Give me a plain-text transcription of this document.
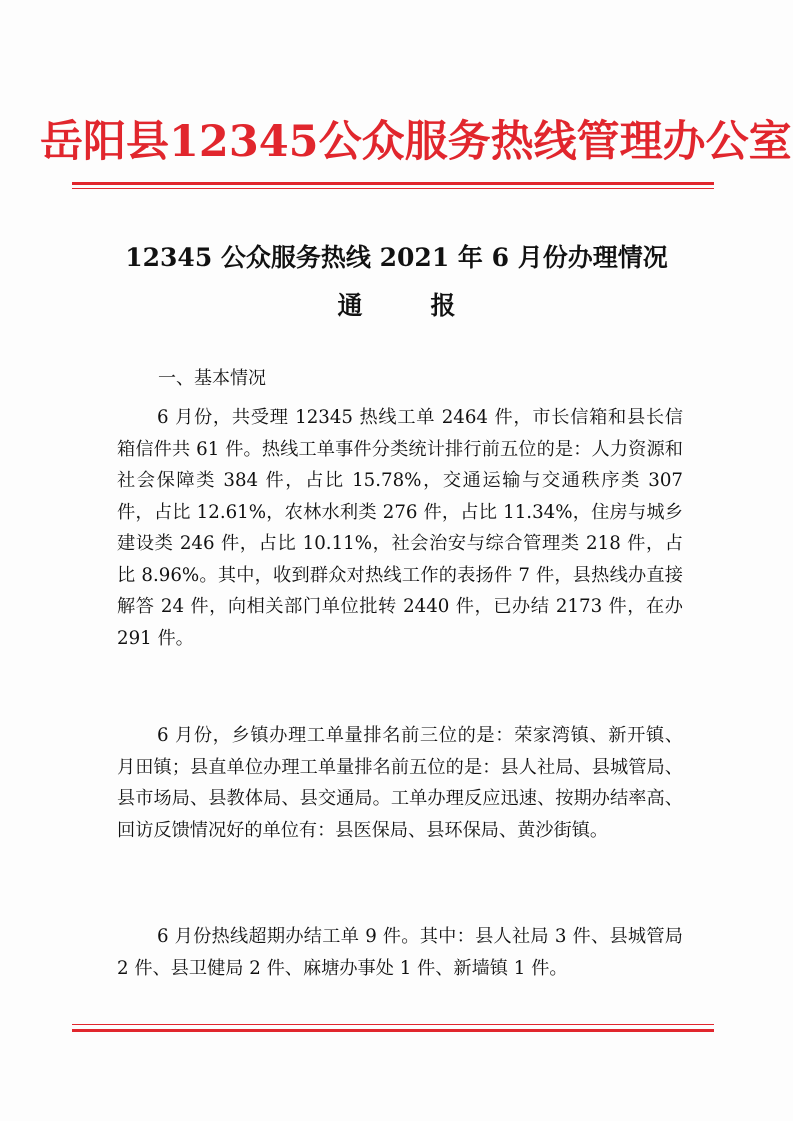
岳阳县12345公众服务热线管理办公室
12345 公众服务热线 2021 年 6 月份办理情况
通报
一、基本情况

6 月份，共受理 12345 热线工单 2464 件，市长信箱和县长信箱信件共 61 件。热线工单事件分类统计排行前五位的是：人力资源和社会保障类 384 件，占比 15.78%，交通运输与交通秩序类 307 件，占比 12.61%，农林水利类 276 件，占比 11.34%，住房与城乡建设类 246 件，占比 10.11%，社会治安与综合管理类 218 件，占比 8.96%。其中，收到群众对热线工作的表扬件 7 件，县热线办直接解答 24 件，向相关部门单位批转 2440 件，已办结 2173 件，在办 291 件。

6 月份，乡镇办理工单量排名前三位的是：荣家湾镇、新开镇、月田镇；县直单位办理工单量排名前五位的是：县人社局、县城管局、县市场局、县教体局、县交通局。工单办理反应迅速、按期办结率高、回访反馈情况好的单位有：县医保局、县环保局、黄沙街镇。

6 月份热线超期办结工单 9 件。其中：县人社局 3 件、县城管局 2 件、县卫健局 2 件、麻塘办事处 1 件、新墙镇 1 件。
